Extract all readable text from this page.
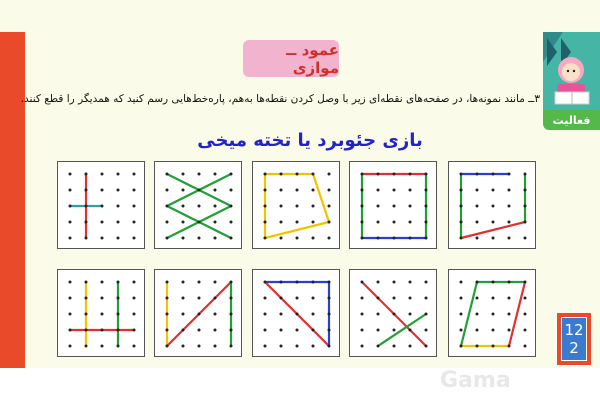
عمود ــ موازی
۳ــ مانند نمونه‌ها، در صفحه‌های نقطه‌ای زیر با وصل کردن نقطه‌ها به‌هم، پاره‌خط‌هایی رسم کنید که همدیگر را قطع کنند.
بازی جئوبرد یا تخته میخی
فعالیت
12
2
Gama
